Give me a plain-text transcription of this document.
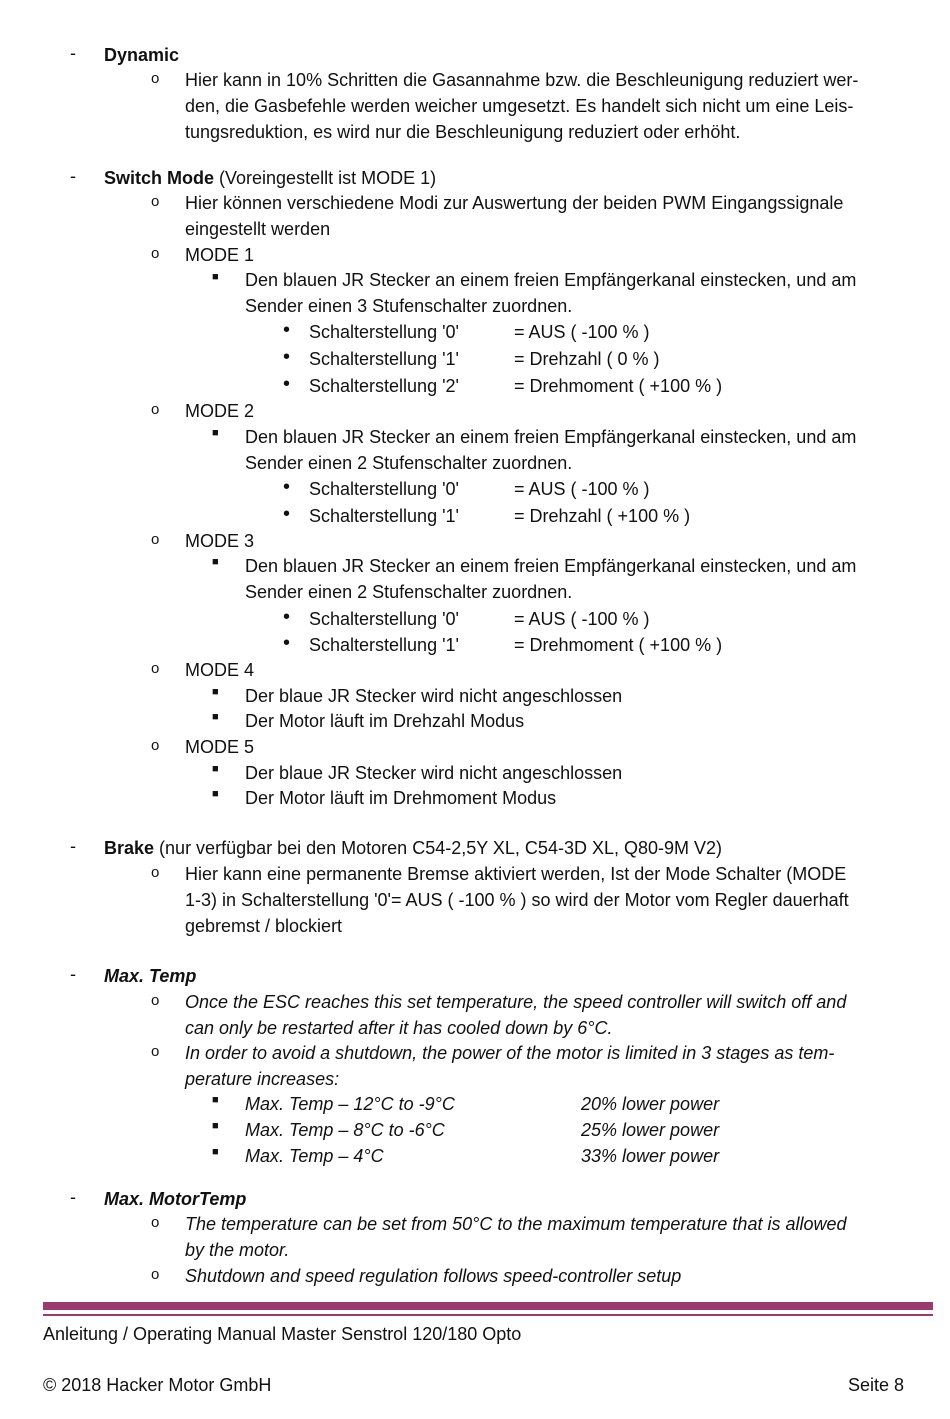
- Dynamic
o Hier kann in 10% Schritten die Gasannahme bzw. die Beschleunigung reduziert wer-
den, die Gasbefehle werden weicher umgesetzt. Es handelt sich nicht um eine Leis-
tungsreduktion, es wird nur die Beschleunigung reduziert oder erhöht.
- Switch Mode (Voreingestellt ist MODE 1)
o Hier können verschiedene Modi zur Auswertung der beiden PWM Eingangssignale
eingestellt werden
o MODE 1
■ Den blauen JR Stecker an einem freien Empfängerkanal einstecken, und am
Sender einen 3 Stufenschalter zuordnen.
• Schalterstellung '0'	= AUS ( -100 % )
• Schalterstellung '1'	= Drehzahl ( 0 % )
• Schalterstellung '2'	= Drehmoment ( +100 % )
o MODE 2
■ Den blauen JR Stecker an einem freien Empfängerkanal einstecken, und am
Sender einen 2 Stufenschalter zuordnen.
• Schalterstellung '0'	= AUS ( -100 % )
• Schalterstellung '1'	= Drehzahl ( +100 % )
o MODE 3
■ Den blauen JR Stecker an einem freien Empfängerkanal einstecken, und am
Sender einen 2 Stufenschalter zuordnen.
• Schalterstellung '0'	= AUS ( -100 % )
• Schalterstellung '1'	= Drehmoment ( +100 % )
o MODE 4
■ Der blaue JR Stecker wird nicht angeschlossen
■ Der Motor läuft im Drehzahl Modus
o MODE 5
■ Der blaue JR Stecker wird nicht angeschlossen
■ Der Motor läuft im Drehmoment Modus
- Brake (nur verfügbar bei den Motoren C54-2,5Y XL, C54-3D XL, Q80-9M V2)
o Hier kann eine permanente Bremse aktiviert werden, Ist der Mode Schalter (MODE
1-3) in Schalterstellung '0'= AUS ( -100 % ) so wird der Motor vom Regler dauerhaft
gebremst / blockiert
- Max. Temp
o Once the ESC reaches this set temperature, the speed controller will switch off and
can only be restarted after it has cooled down by 6°C.
o In order to avoid a shutdown, the power of the motor is limited in 3 stages as tem-
perature increases:
■ Max. Temp – 12°C to -9°C	20% lower power
■ Max. Temp – 8°C to -6°C	25% lower power
■ Max. Temp – 4°C	33% lower power
- Max. MotorTemp
o The temperature can be set from 50°C to the maximum temperature that is allowed
by the motor.
o Shutdown and speed regulation follows speed-controller setup
Anleitung / Operating Manual Master Senstrol 120/180 Opto
© 2018 Hacker Motor GmbH	Seite 8
